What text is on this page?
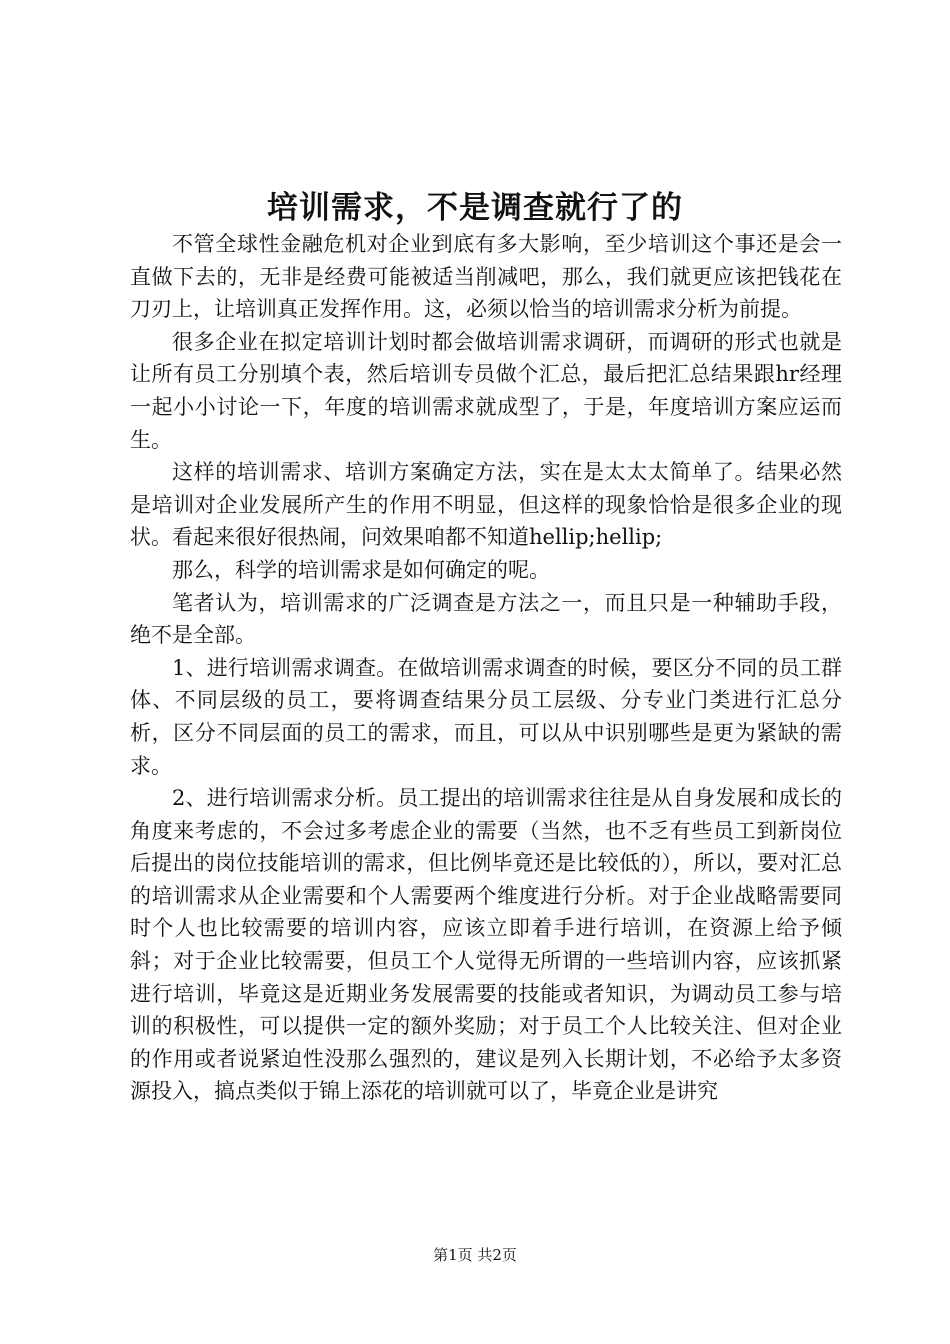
培训需求，不是调查就行了的

不管全球性金融危机对企业到底有多大影响，至少培训这个事还是会一直做下去的，无非是经费可能被适当削减吧，那么，我们就更应该把钱花在刀刃上，让培训真正发挥作用。这，必须以恰当的培训需求分析为前提。

很多企业在拟定培训计划时都会做培训需求调研，而调研的形式也就是让所有员工分别填个表，然后培训专员做个汇总，最后把汇总结果跟hr经理一起小小讨论一下，年度的培训需求就成型了，于是，年度培训方案应运而生。

这样的培训需求、培训方案确定方法，实在是太太太简单了。结果必然是培训对企业发展所产生的作用不明显，但这样的现象恰恰是很多企业的现状。看起来很好很热闹，问效果咱都不知道hellip;hellip;

那么，科学的培训需求是如何确定的呢。

笔者认为，培训需求的广泛调查是方法之一，而且只是一种辅助手段，绝不是全部。

1、进行培训需求调查。在做培训需求调查的时候，要区分不同的员工群体、不同层级的员工，要将调查结果分员工层级、分专业门类进行汇总分析，区分不同层面的员工的需求，而且，可以从中识别哪些是更为紧缺的需求。

2、进行培训需求分析。员工提出的培训需求往往是从自身发展和成长的角度来考虑的，不会过多考虑企业的需要（当然，也不乏有些员工到新岗位后提出的岗位技能培训的需求，但比例毕竟还是比较低的），所以，要对汇总的培训需求从企业需要和个人需要两个维度进行分析。对于企业战略需要同时个人也比较需要的培训内容，应该立即着手进行培训，在资源上给予倾斜；对于企业比较需要，但员工个人觉得无所谓的一些培训内容，应该抓紧进行培训，毕竟这是近期业务发展需要的技能或者知识，为调动员工参与培训的积极性，可以提供一定的额外奖励；对于员工个人比较关注、但对企业的作用或者说紧迫性没那么强烈的，建议是列入长期计划，不必给予太多资源投入，搞点类似于锦上添花的培训就可以了，毕竟企业是讲究

第1页 共2页
